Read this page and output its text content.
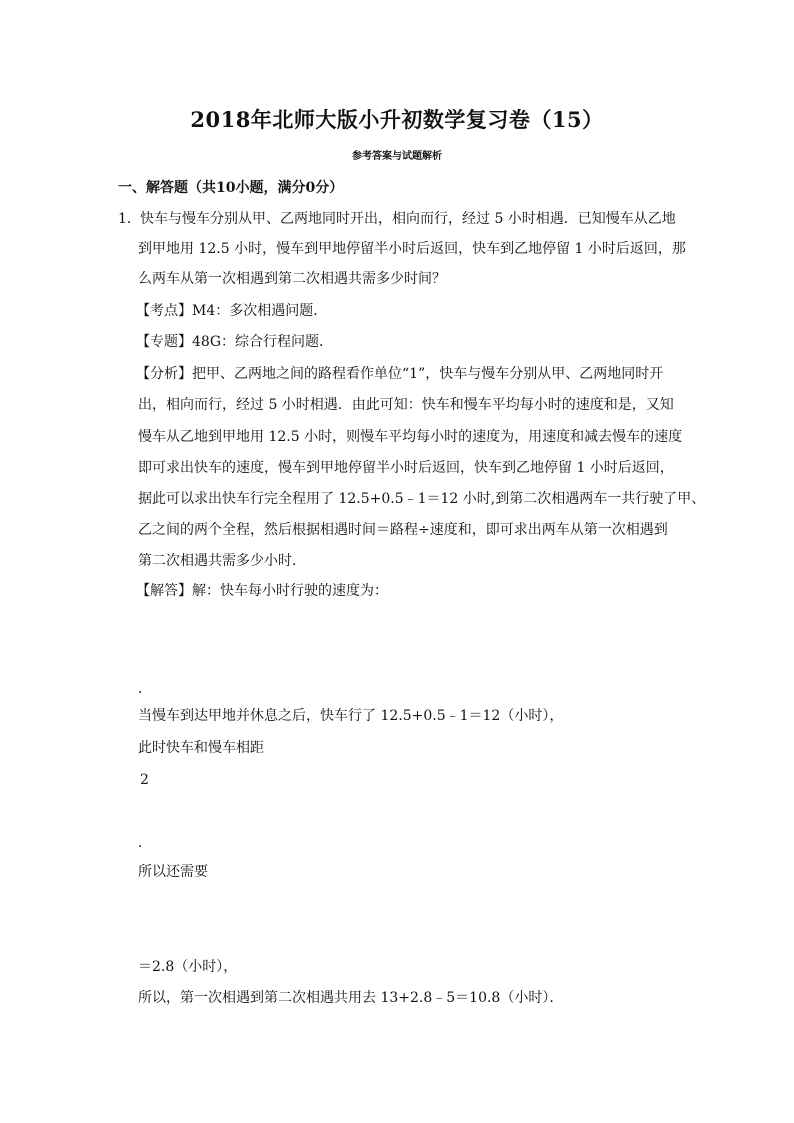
2018年北师大版小升初数学复习卷（15）
参考答案与试题解析
一、解答题（共10小题，满分0分）
1． 快车与慢车分别从甲、乙两地同时开出，相向而行，经过 5 小时相遇．已知慢车从乙地
到甲地用 12.5 小时，慢车到甲地停留半小时后返回，快车到乙地停留 1 小时后返回，那
么两车从第一次相遇到第二次相遇共需多少时间？
【考点】M4：多次相遇问题．
【专题】48G：综合行程问题．
【分析】把甲、乙两地之间的路程看作单位“1”，快车与慢车分别从甲、乙两地同时开
出，相向而行，经过 5 小时相遇．由此可知：快车和慢车平均每小时的速度和是，又知
慢车从乙地到甲地用 12.5 小时，则慢车平均每小时的速度为，用速度和减去慢车的速度
即可求出快车的速度，慢车到甲地停留半小时后返回，快车到乙地停留 1 小时后返回，
据此可以求出快车行完全程用了 12.5+0.5﹣1＝12 小时,到第二次相遇两车一共行驶了甲、
乙之间的两个全程，然后根据相遇时间＝路程÷速度和，即可求出两车从第一次相遇到
第二次相遇共需多少小时．
【解答】解：快车每小时行驶的速度为：
．
当慢车到达甲地并休息之后，快车行了 12.5+0.5﹣1＝12（小时），
此时快车和慢车相距
2
．
所以还需要
＝2.8（小时），
所以，第一次相遇到第二次相遇共用去 13+2.8﹣5＝10.8（小时）．
